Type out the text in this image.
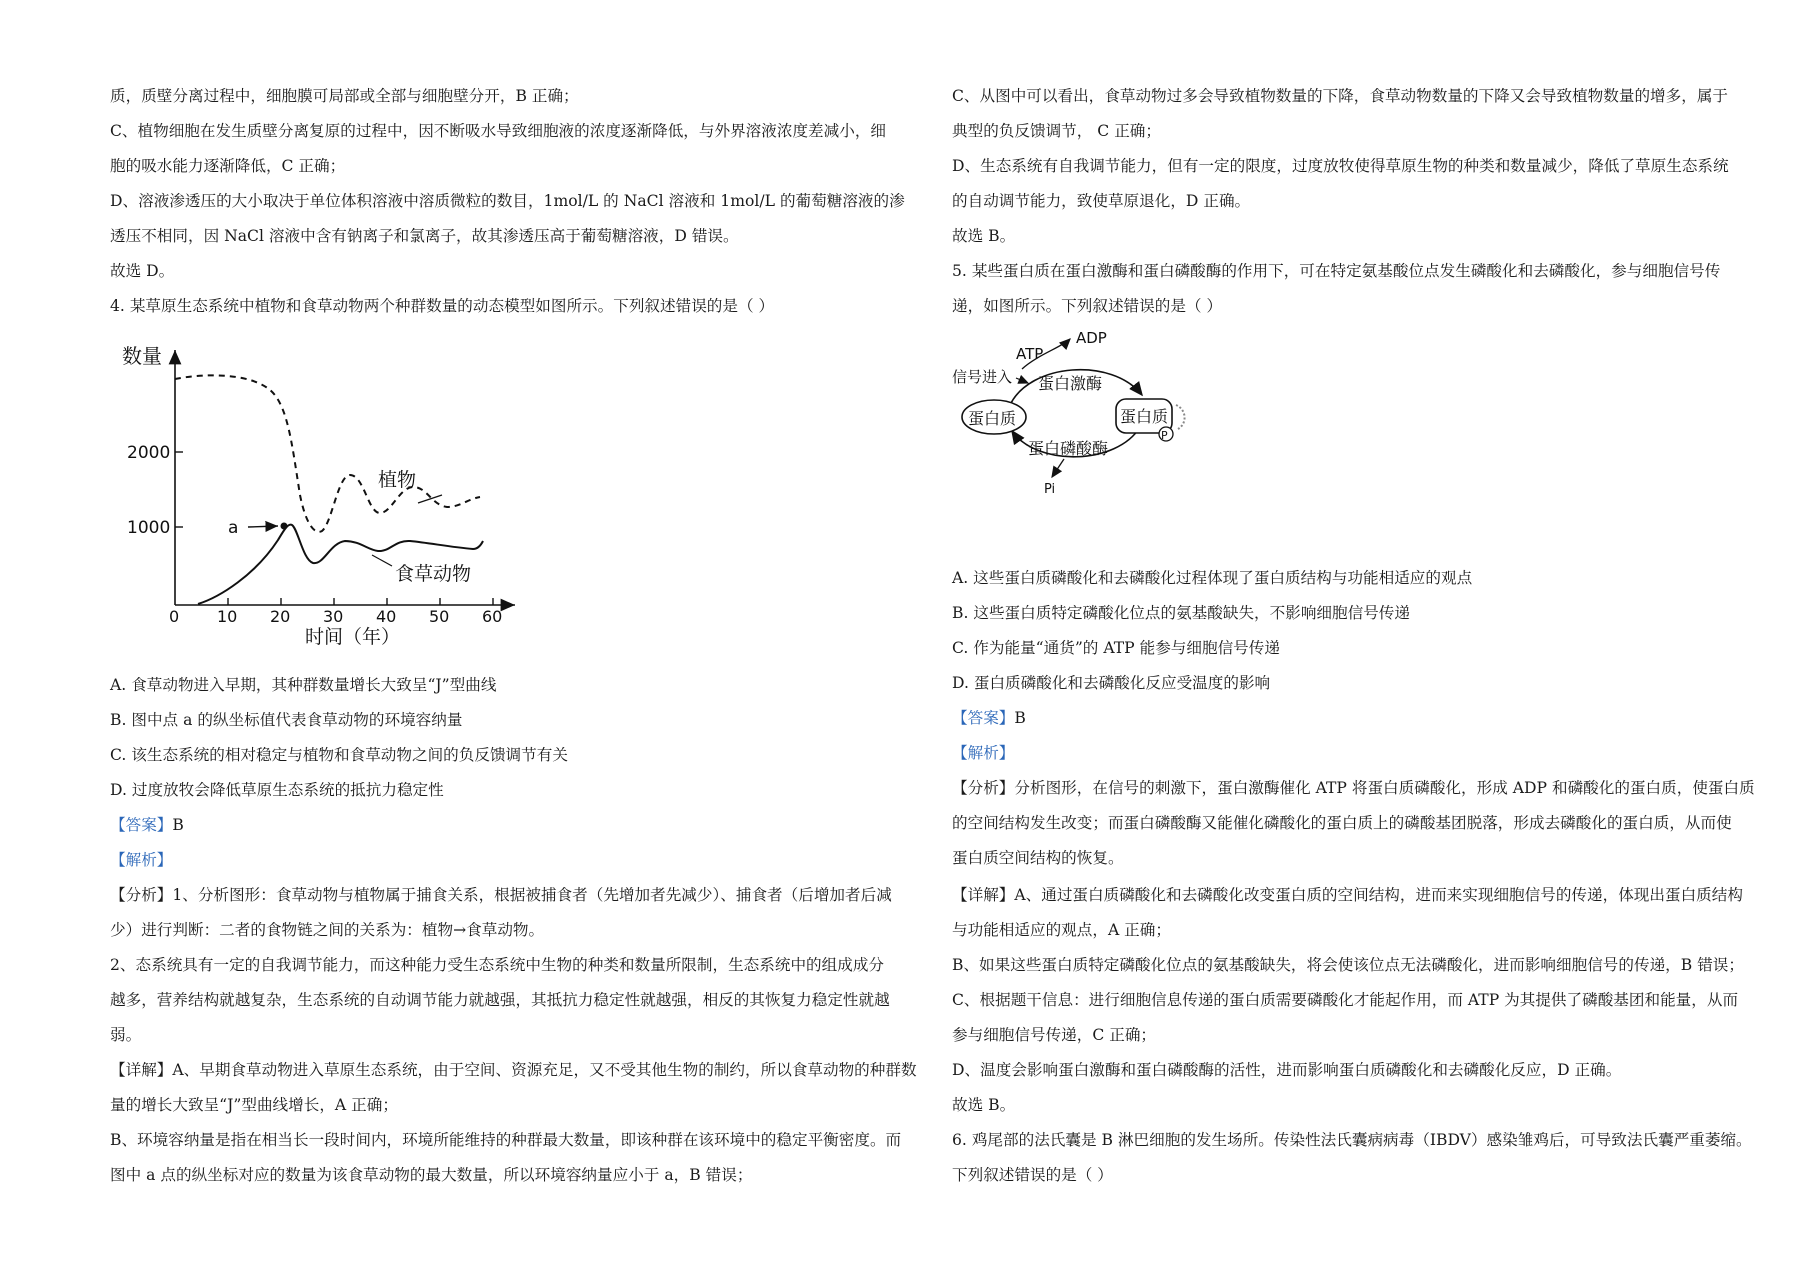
质，质壁分离过程中，细胞膜可局部或全部与细胞壁分开，B 正确；
C、植物细胞在发生质壁分离复原的过程中，因不断吸水导致细胞液的浓度逐渐降低，与外界溶液浓度差减小，细
胞的吸水能力逐渐降低，C 正确；
D、溶液渗透压的大小取决于单位体积溶液中溶质微粒的数目，1mol/L 的 NaCl 溶液和 1mol/L 的葡萄糖溶液的渗
透压不相同，因 NaCl 溶液中含有钠离子和氯离子，故其渗透压高于葡萄糖溶液，D 错误。
故选 D。
4. 某草原生态系统中植物和食草动物两个种群数量的动态模型如图所示。下列叙述错误的是（ ）
a
植物
食草动物
数量
时间（年）
2000
1000
0 10 20 30 40 50 60
A. 食草动物进入早期，其种群数量增长大致呈“J”型曲线
B. 图中点 a 的纵坐标值代表食草动物的环境容纳量
C. 该生态系统的相对稳定与植物和食草动物之间的负反馈调节有关
D. 过度放牧会降低草原生态系统的抵抗力稳定性
【答案】B
【解析】
【分析】1、分析图形：食草动物与植物属于捕食关系，根据被捕食者（先增加者先减少）、捕食者（后增加者后减
少）进行判断：二者的食物链之间的关系为：植物→食草动物。
2、态系统具有一定的自我调节能力，而这种能力受生态系统中生物的种类和数量所限制，生态系统中的组成成分
越多，营养结构就越复杂，生态系统的自动调节能力就越强，其抵抗力稳定性就越强，相反的其恢复力稳定性就越
弱。
【详解】A、早期食草动物进入草原生态系统，由于空间、资源充足，又不受其他生物的制约，所以食草动物的种群数
量的增长大致呈“J”型曲线增长，A 正确；
B、环境容纳量是指在相当长一段时间内，环境所能维持的种群最大数量，即该种群在该环境中的稳定平衡密度。而
图中 a 点的纵坐标对应的数量为该食草动物的最大数量，所以环境容纳量应小于 a，B 错误；
C、从图中可以看出，食草动物过多会导致植物数量的下降，食草动物数量的下降又会导致植物数量的增多，属于
典型的负反馈调节， C 正确；
D、生态系统有自我调节能力，但有一定的限度，过度放牧使得草原生物的种类和数量减少，降低了草原生态系统
的自动调节能力，致使草原退化，D 正确。
故选 B。
5. 某些蛋白质在蛋白激酶和蛋白磷酸酶的作用下，可在特定氨基酸位点发生磷酸化和去磷酸化，参与细胞信号传
递，如图所示。下列叙述错误的是（ ）
蛋白质	蛋白质
P
ADP
ATP
信号进入 蛋白激酶
蛋白磷酸酶
Pi
A. 这些蛋白质磷酸化和去磷酸化过程体现了蛋白质结构与功能相适应的观点
B. 这些蛋白质特定磷酸化位点的氨基酸缺失，不影响细胞信号传递
C. 作为能量“通货”的 ATP 能参与细胞信号传递
D. 蛋白质磷酸化和去磷酸化反应受温度的影响
【答案】B
【解析】
【分析】分析图形，在信号的刺激下，蛋白激酶催化 ATP 将蛋白质磷酸化，形成 ADP 和磷酸化的蛋白质，使蛋白质
的空间结构发生改变；而蛋白磷酸酶又能催化磷酸化的蛋白质上的磷酸基团脱落，形成去磷酸化的蛋白质，从而使
蛋白质空间结构的恢复。
【详解】A、通过蛋白质磷酸化和去磷酸化改变蛋白质的空间结构，进而来实现细胞信号的传递，体现出蛋白质结构
与功能相适应的观点，A 正确；
B、如果这些蛋白质特定磷酸化位点的氨基酸缺失，将会使该位点无法磷酸化，进而影响细胞信号的传递，B 错误；
C、根据题干信息：进行细胞信息传递的蛋白质需要磷酸化才能起作用，而 ATP 为其提供了磷酸基团和能量，从而
参与细胞信号传递，C 正确；
D、温度会影响蛋白激酶和蛋白磷酸酶的活性，进而影响蛋白质磷酸化和去磷酸化反应，D 正确。
故选 B。
6. 鸡尾部的法氏囊是 B 淋巴细胞的发生场所。传染性法氏囊病病毒（IBDV）感染雏鸡后，可导致法氏囊严重萎缩。
下列叙述错误的是（ ）
